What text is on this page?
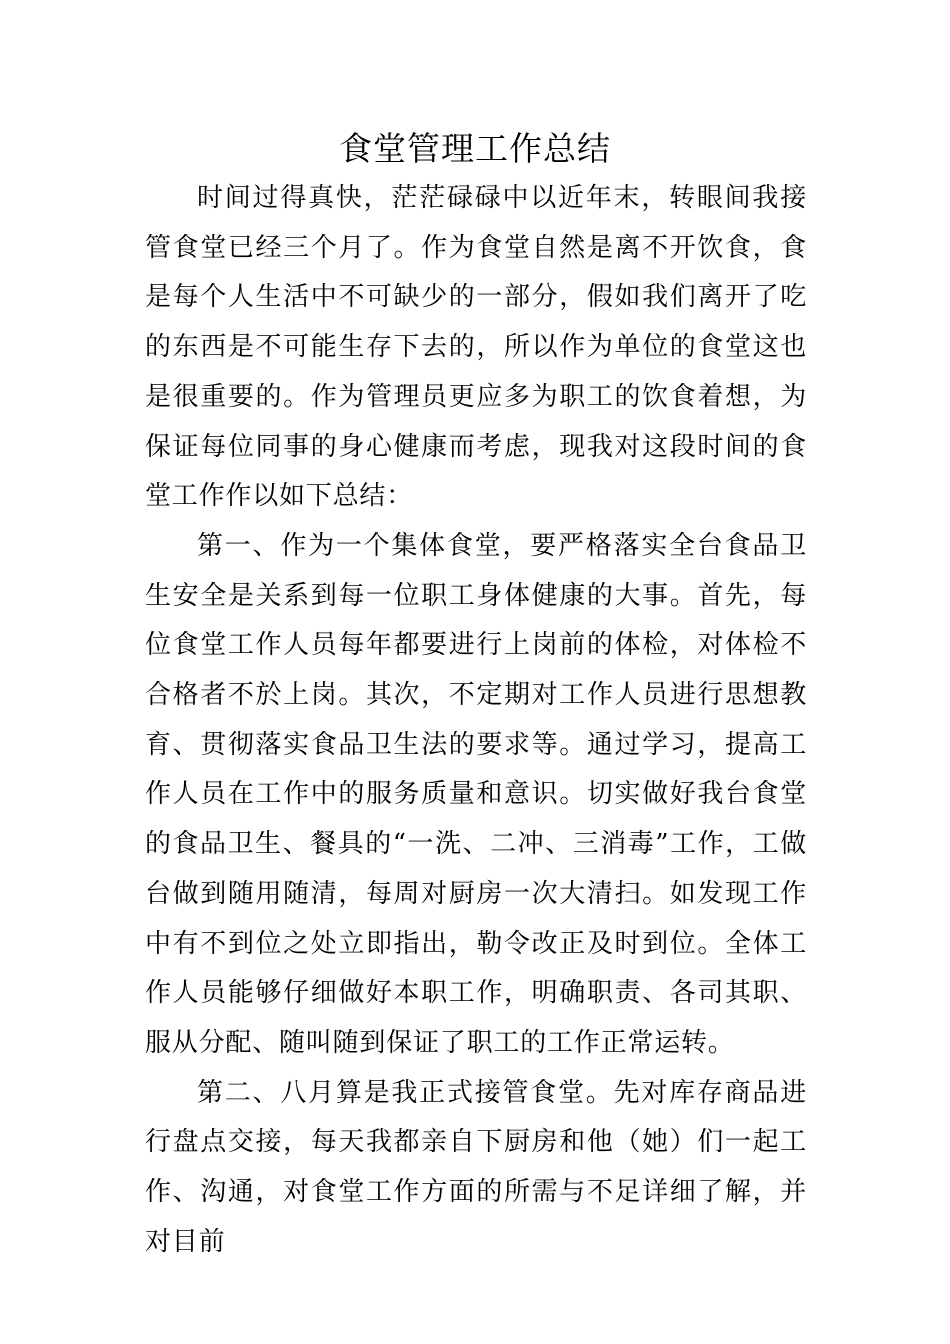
食堂管理工作总结

时间过得真快，茫茫碌碌中以近年末，转眼间我接管食堂已经三个月了。作为食堂自然是离不开饮食，食是每个人生活中不可缺少的一部分，假如我们离开了吃的东西是不可能生存下去的，所以作为单位的食堂这也是很重要的。作为管理员更应多为职工的饮食着想，为保证每位同事的身心健康而考虑，现我对这段时间的食堂工作作以如下总结：

第一、作为一个集体食堂，要严格落实全台食品卫生安全是关系到每一位职工身体健康的大事。首先，每位食堂工作人员每年都要进行上岗前的体检，对体检不合格者不於上岗。其次，不定期对工作人员进行思想教育、贯彻落实食品卫生法的要求等。通过学习，提高工作人员在工作中的服务质量和意识。切实做好我台食堂的食品卫生、餐具的“一洗、二冲、三消毒”工作，工做台做到随用随清，每周对厨房一次大清扫。如发现工作中有不到位之处立即指出，勒令改正及时到位。全体工作人员能够仔细做好本职工作，明确职责、各司其职、服从分配、随叫随到保证了职工的工作正常运转。

第二、八月算是我正式接管食堂。先对库存商品进行盘点交接，每天我都亲自下厨房和他（她）们一起工作、沟通，对食堂工作方面的所需与不足详细了解，并对目前
